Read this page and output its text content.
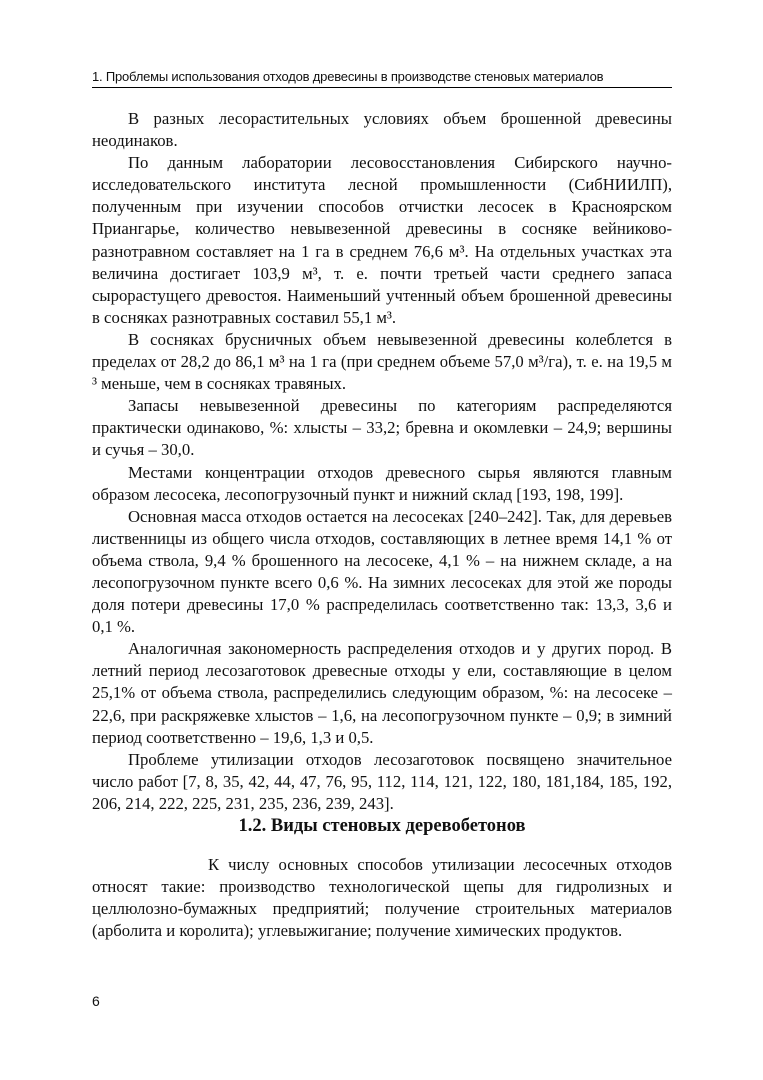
1. Проблемы использования отходов древесины в производстве стеновых материалов

В разных лесорастительных условиях объем брошенной древесины неодинаков.

По данным лаборатории лесовосстановления Сибирского научно-исследовательского института лесной промышленности (СибНИИЛП), полученным при изучении способов отчистки лесосек в Красноярском Приангарье, количество невывезенной древесины в сосняке вейниково-разнотравном составляет на 1 га в среднем 76,6 м³. На отдельных участках эта величина достигает 103,9 м³, т. е. почти третьей части среднего запаса сырорастущего древостоя. Наименьший учтенный объем брошенной древесины в сосняках разнотравных составил 55,1 м³.

В сосняках брусничных объем невывезенной древесины колеблется в пределах от 28,2 до 86,1 м³ на 1 га (при среднем объеме 57,0 м³/га), т. е. на 19,5 м ³ меньше, чем в сосняках травяных.

Запасы невывезенной древесины по категориям распределяются практически одинаково, %: хлысты – 33,2; бревна и окомлевки – 24,9; вершины и сучья – 30,0.

Местами концентрации отходов древесного сырья являются главным образом лесосека, лесопогрузочный пункт и нижний склад [193, 198, 199].

Основная масса отходов остается на лесосеках [240–242]. Так, для деревьев лиственницы из общего числа отходов, составляющих в летнее время 14,1 % от объема ствола, 9,4 % брошенного на лесосеке, 4,1 % – на нижнем складе, а на лесопогрузочном пункте всего 0,6 %. На зимних лесосеках для этой же породы доля потери древесины 17,0 % распределилась соответственно так: 13,3, 3,6 и 0,1 %.

Аналогичная закономерность распределения отходов и у других пород. В летний период лесозаготовок древесные отходы у ели, составляющие в целом 25,1% от объема ствола, распределились следующим образом, %: на лесосеке – 22,6, при раскряжевке хлыстов – 1,6, на лесопогрузочном пункте – 0,9; в зимний период соответственно – 19,6, 1,3 и 0,5.

Проблеме утилизации отходов лесозаготовок посвящено значительное число работ [7, 8, 35, 42, 44, 47, 76, 95, 112, 114, 121, 122, 180, 181,184, 185, 192, 206, 214, 222, 225, 231, 235, 236, 239, 243].

1.2. Виды стеновых деревобетонов

К числу основных способов утилизации лесосечных отходов относят такие: производство технологической щепы для гидролизных и целлюлозно-бумажных предприятий; получение строительных материалов (арболита и королита); углевыжигание; получение химических продуктов.

6
